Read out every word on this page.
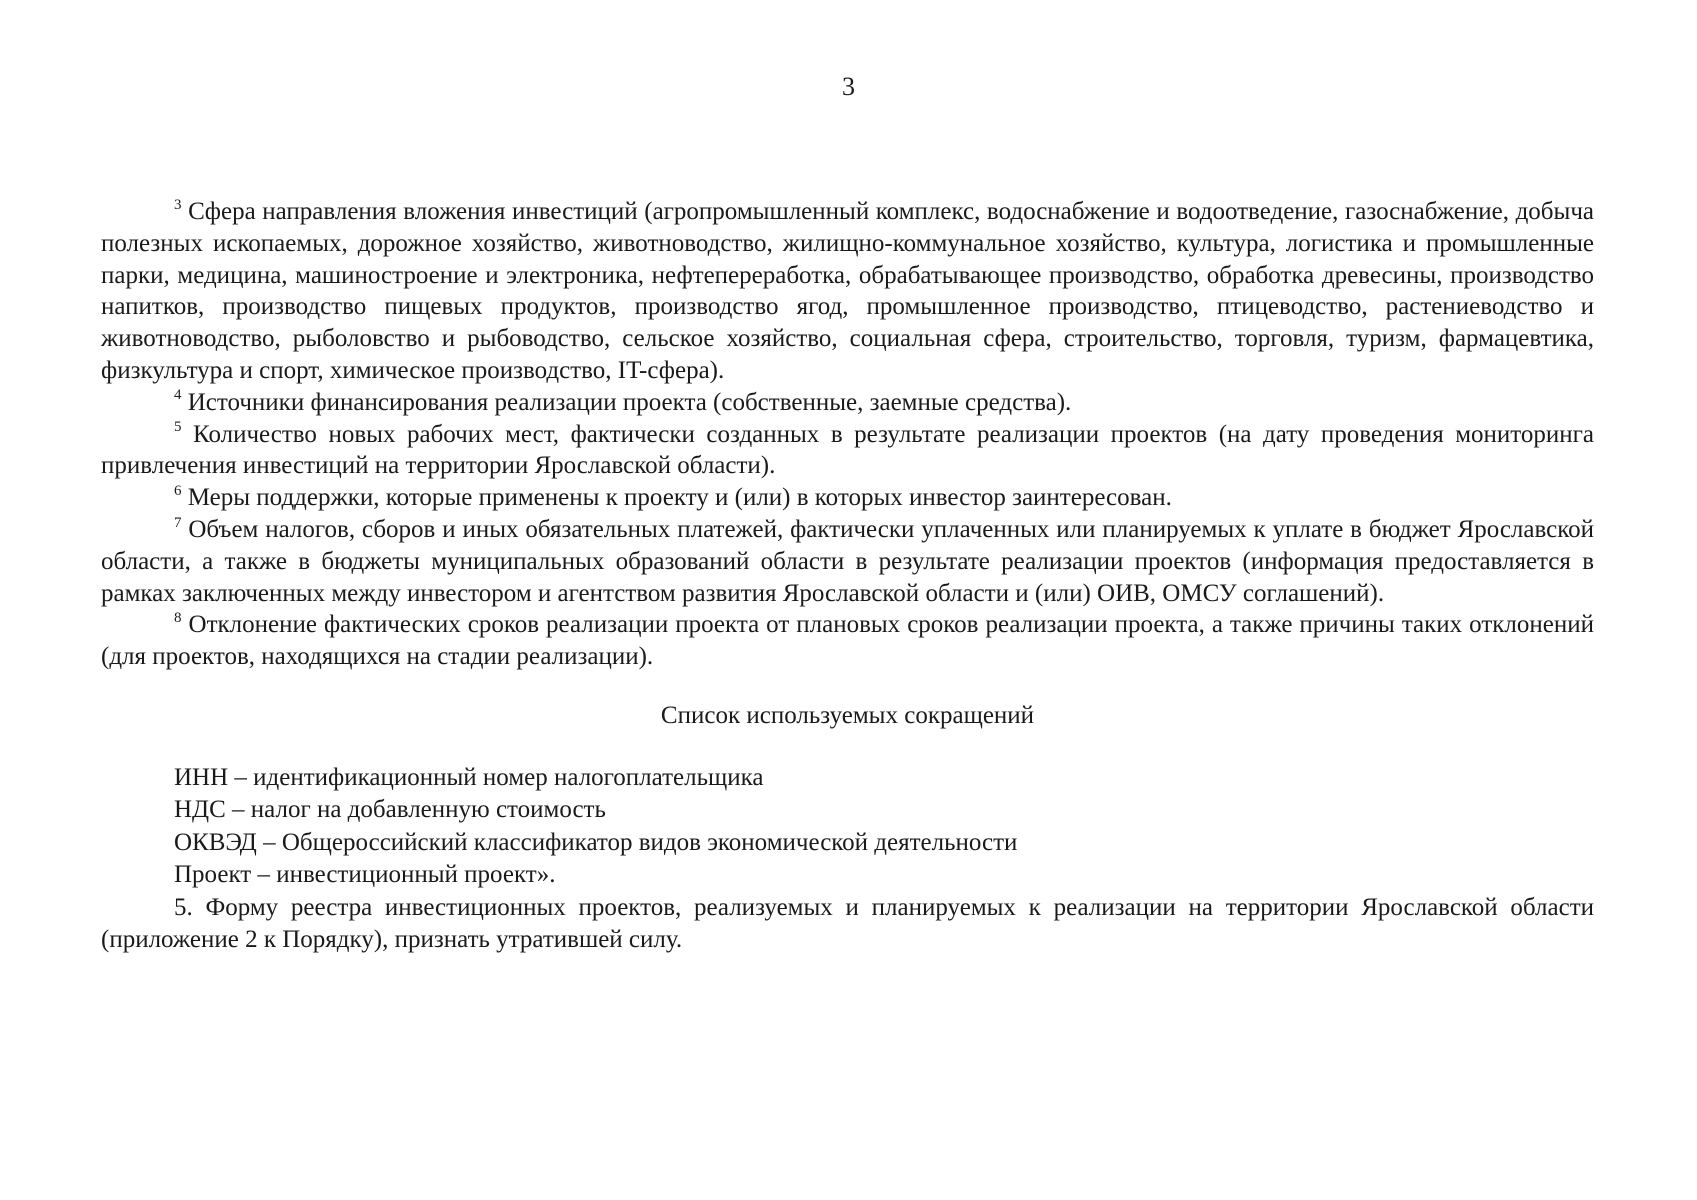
3

$^3$ Сфера направления вложения инвестиций (агропромышленный комплекс, водоснабжение и водоотведение, газоснабжение, добыча полезных ископаемых, дорожное хозяйство, животноводство, жилищно-коммунальное хозяйство, культура, логистика и промышленные парки, медицина, машиностроение и электроника, нефтепереработка, обрабатывающее производство, обработка древесины, производство напитков, производство пищевых продуктов, производство ягод, промышленное производство, птицеводство, растениеводство и животноводство, рыболовство и рыбоводство, сельское хозяйство, социальная сфера, строительство, торговля, туризм, фармацевтика, физкультура и спорт, химическое производство, IT-сфера).

$^4$ Источники финансирования реализации проекта (собственные, заемные средства).

$^5$ Количество новых рабочих мест, фактически созданных в результате реализации проектов (на дату проведения мониторинга привлечения инвестиций на территории Ярославской области).

$^6$ Меры поддержки, которые применены к проекту и (или) в которых инвестор заинтересован.

$^7$ Объем налогов, сборов и иных обязательных платежей, фактически уплаченных или планируемых к уплате в бюджет Ярославской области, а также в бюджеты муниципальных образований области в результате реализации проектов (информация предоставляется в рамках заключенных между инвестором и агентством развития Ярославской области и (или) ОИВ, ОМСУ соглашений).

$^8$ Отклонение фактических сроков реализации проекта от плановых сроков реализации проекта, а также причины таких отклонений (для проектов, находящихся на стадии реализации).

Список используемых сокращений

ИНН – идентификационный номер налогоплательщика

НДС – налог на добавленную стоимость

ОКВЭД – Общероссийский классификатор видов экономической деятельности

Проект – инвестиционный проект».

5. Форму реестра инвестиционных проектов, реализуемых и планируемых к реализации на территории Ярославской области (приложение 2 к Порядку), признать утратившей силу.
